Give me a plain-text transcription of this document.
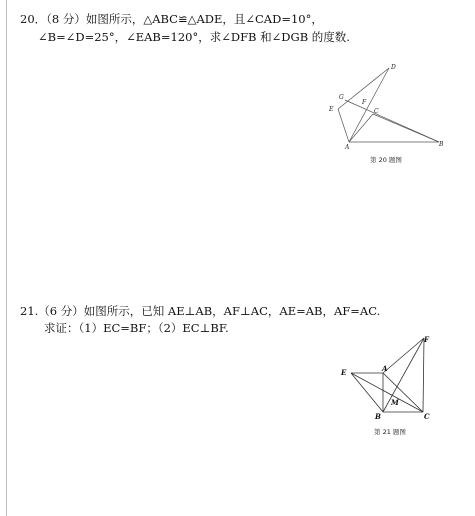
20．（8 分）如图所示，△ABC≌△ADE，且∠CAD=10°，
∠B=∠D=25°，∠EAB=120°，求∠DFB 和∠DGB 的度数.
D
G
E
F
C
A	B
第 20 题图
21.（6 分）如图所示，已知 AE⊥AB，AF⊥AC，AE=AB，AF=AC.
求证：（1）EC=BF；（2）EC⊥BF.
F
E	A
M
B	C
第 21 题图
